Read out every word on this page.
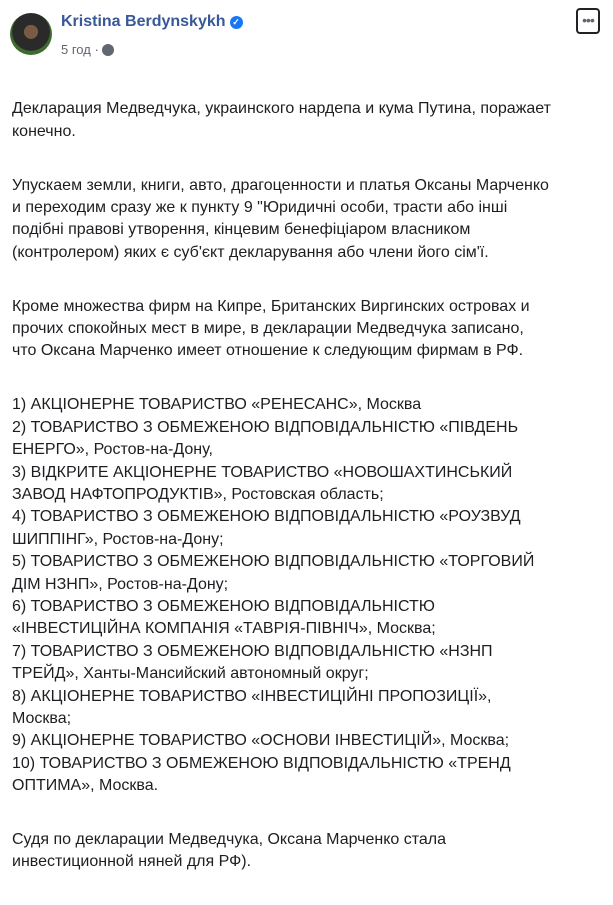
Kristina Berdynskykh ✓
5 год ·
•••

Декларация Медведчука, украинского нардепа и кума Путина, поражает
конечно.

Упускаем земли, книги, авто, драгоценности и платья Оксаны Марченко
и переходим сразу же к пункту 9 "Юридичні особи, трасти або інші
подібні правові утворення, кінцевим бенефіціаром власником
(контролером) яких є суб'єкт декларування або члени його сім'ї.

Кроме множества фирм на Кипре, Британских Виргинских островах и
прочих спокойных мест в мире, в декларации Медведчука записано,
что Оксана Марченко имеет отношение к следующим фирмам в РФ.

1) АКЦІОНЕРНЕ ТОВАРИСТВО «РЕНЕСАНС», Москва
2) ТОВАРИСТВО З ОБМЕЖЕНОЮ ВІДПОВІДАЛЬНІСТЮ «ПІВДЕНЬ
ЕНЕРГО», Ростов-на-Дону,
3) ВІДКРИТЕ АКЦІОНЕРНЕ ТОВАРИСТВО «НОВОШАХТИНСЬКИЙ
ЗАВОД НАФТОПРОДУКТІВ», Ростовская область;
4) ТОВАРИСТВО З ОБМЕЖЕНОЮ ВІДПОВІДАЛЬНІСТЮ «РОУЗВУД
ШИППІНГ», Ростов-на-Дону;
5) ТОВАРИСТВО З ОБМЕЖЕНОЮ ВІДПОВІДАЛЬНІСТЮ «ТОРГОВИЙ
ДІМ НЗНП», Ростов-на-Дону;
6) ТОВАРИСТВО З ОБМЕЖЕНОЮ ВІДПОВІДАЛЬНІСТЮ
«ІНВЕСТИЦІЙНА КОМПАНІЯ «ТАВРІЯ-ПІВНІЧ», Москва;
7) ТОВАРИСТВО З ОБМЕЖЕНОЮ ВІДПОВІДАЛЬНІСТЮ «НЗНП
ТРЕЙД», Ханты-Мансийский автономный округ;
8) АКЦІОНЕРНЕ ТОВАРИСТВО «ІНВЕСТИЦІЙНІ ПРОПОЗИЦІЇ»,
Москва;
9) АКЦІОНЕРНЕ ТОВАРИСТВО «ОСНОВИ ІНВЕСТИЦІЙ», Москва;
10) ТОВАРИСТВО З ОБМЕЖЕНОЮ ВІДПОВІДАЛЬНІСТЮ «ТРЕНД
ОПТИМА», Москва.

Судя по декларации Медведчука, Оксана Марченко стала
инвестиционной няней для РФ).
